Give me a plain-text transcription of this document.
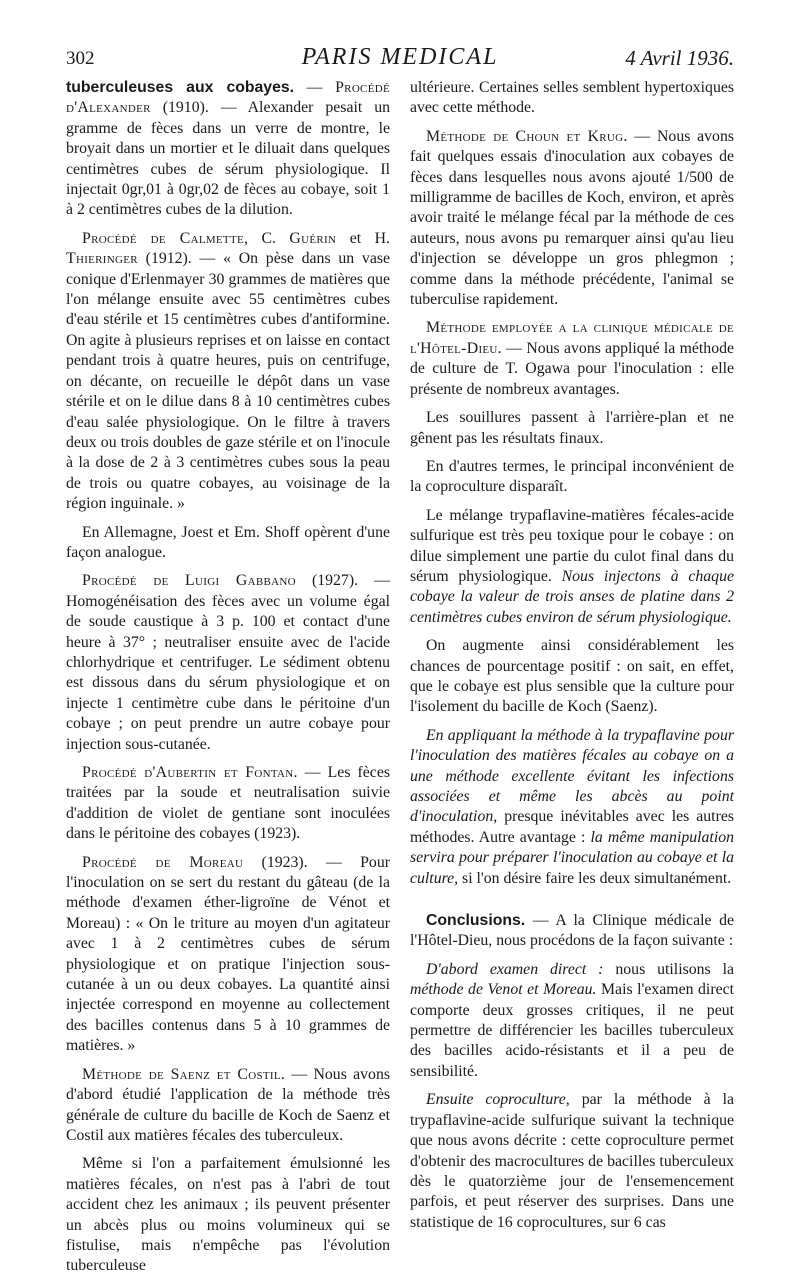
302	PARIS MEDICAL	4 Avril 1936.

tuberculeuses aux cobayes. — Procédé d'Alexander (1910). — Alexander pesait un gramme de fèces dans un verre de montre, le broyait dans un mortier et le diluait dans quelques centimètres cubes de sérum physiologique. Il injectait 0gr,01 à 0gr,02 de fèces au cobaye, soit 1 à 2 centimètres cubes de la dilution.

Procédé de Calmette, C. Guérin et H. Thieringer (1912). — « On pèse dans un vase conique d'Erlenmayer 30 grammes de matières que l'on mélange ensuite avec 55 centimètres cubes d'eau stérile et 15 centimètres cubes d'antiformine. On agite à plusieurs reprises et on laisse en contact pendant trois à quatre heures, puis on centrifuge, on décante, on recueille le dépôt dans un vase stérile et on le dilue dans 8 à 10 centimètres cubes d'eau salée physiologique. On le filtre à travers deux ou trois doubles de gaze stérile et on l'inocule à la dose de 2 à 3 centimètres cubes sous la peau de trois ou quatre cobayes, au voisinage de la région inguinale. »

En Allemagne, Joest et Em. Shoff opèrent d'une façon analogue.

Procédé de Luigi Gabbano (1927). — Homogénéisation des fèces avec un volume égal de soude caustique à 3 p. 100 et contact d'une heure à 37° ; neutraliser ensuite avec de l'acide chlorhydrique et centrifuger. Le sédiment obtenu est dissous dans du sérum physiologique et on injecte 1 centimètre cube dans le péritoine d'un cobaye ; on peut prendre un autre cobaye pour injection sous-cutanée.

Procédé d'Aubertin et Fontan. — Les fèces traitées par la soude et neutralisation suivie d'addition de violet de gentiane sont inoculées dans le péritoine des cobayes (1923).

Procédé de Moreau (1923). — Pour l'inoculation on se sert du restant du gâteau (de la méthode d'examen éther-ligroïne de Vénot et Moreau) : « On le triture au moyen d'un agitateur avec 1 à 2 centimètres cubes de sérum physiologique et on pratique l'injection sous-cutanée à un ou deux cobayes. La quantité ainsi injectée correspond en moyenne au collectement des bacilles contenus dans 5 à 10 grammes de matières. »

Méthode de Saenz et Costil. — Nous avons d'abord étudié l'application de la méthode très générale de culture du bacille de Koch de Saenz et Costil aux matières fécales des tuberculeux.

Même si l'on a parfaitement émulsionné les matières fécales, on n'est pas à l'abri de tout accident chez les animaux ; ils peuvent présenter un abcès plus ou moins volumineux qui se fistulise, mais n'empêche pas l'évolution tuberculeuse

ultérieure. Certaines selles semblent hypertoxiques avec cette méthode.

Méthode de Choun et Krug. — Nous avons fait quelques essais d'inoculation aux cobayes de fèces dans lesquelles nous avons ajouté 1/500 de milligramme de bacilles de Koch, environ, et après avoir traité le mélange fécal par la méthode de ces auteurs, nous avons pu remarquer ainsi qu'au lieu d'injection se développe un gros phlegmon ; comme dans la méthode précédente, l'animal se tuberculise rapidement.

Méthode employée a la clinique médicale de l'Hôtel-Dieu. — Nous avons appliqué la méthode de culture de T. Ogawa pour l'inoculation : elle présente de nombreux avantages.

Les souillures passent à l'arrière-plan et ne gênent pas les résultats finaux.

En d'autres termes, le principal inconvénient de la coproculture disparaît.

Le mélange trypaflavine-matières fécales-acide sulfurique est très peu toxique pour le cobaye : on dilue simplement une partie du culot final dans du sérum physiologique. Nous injectons à chaque cobaye la valeur de trois anses de platine dans 2 centimètres cubes environ de sérum physiologique.

On augmente ainsi considérablement les chances de pourcentage positif : on sait, en effet, que le cobaye est plus sensible que la culture pour l'isolement du bacille de Koch (Saenz).

En appliquant la méthode à la trypaflavine pour l'inoculation des matières fécales au cobaye on a une méthode excellente évitant les infections associées et même les abcès au point d'inoculation, presque inévitables avec les autres méthodes. Autre avantage : la même manipulation servira pour préparer l'inoculation au cobaye et la culture, si l'on désire faire les deux simultanément.

Conclusions. — A la Clinique médicale de l'Hôtel-Dieu, nous procédons de la façon suivante :

D'abord examen direct : nous utilisons la méthode de Venot et Moreau. Mais l'examen direct comporte deux grosses critiques, il ne peut permettre de différencier les bacilles tuberculeux des bacilles acido-résistants et il a peu de sensibilité.

Ensuite coproculture, par la méthode à la trypaflavine-acide sulfurique suivant la technique que nous avons décrite : cette coproculture permet d'obtenir des macrocultures de bacilles tuberculeux dès le quatorzième jour de l'ensemencement parfois, et peut réserver des surprises. Dans une statistique de 16 coprocultures, sur 6 cas
